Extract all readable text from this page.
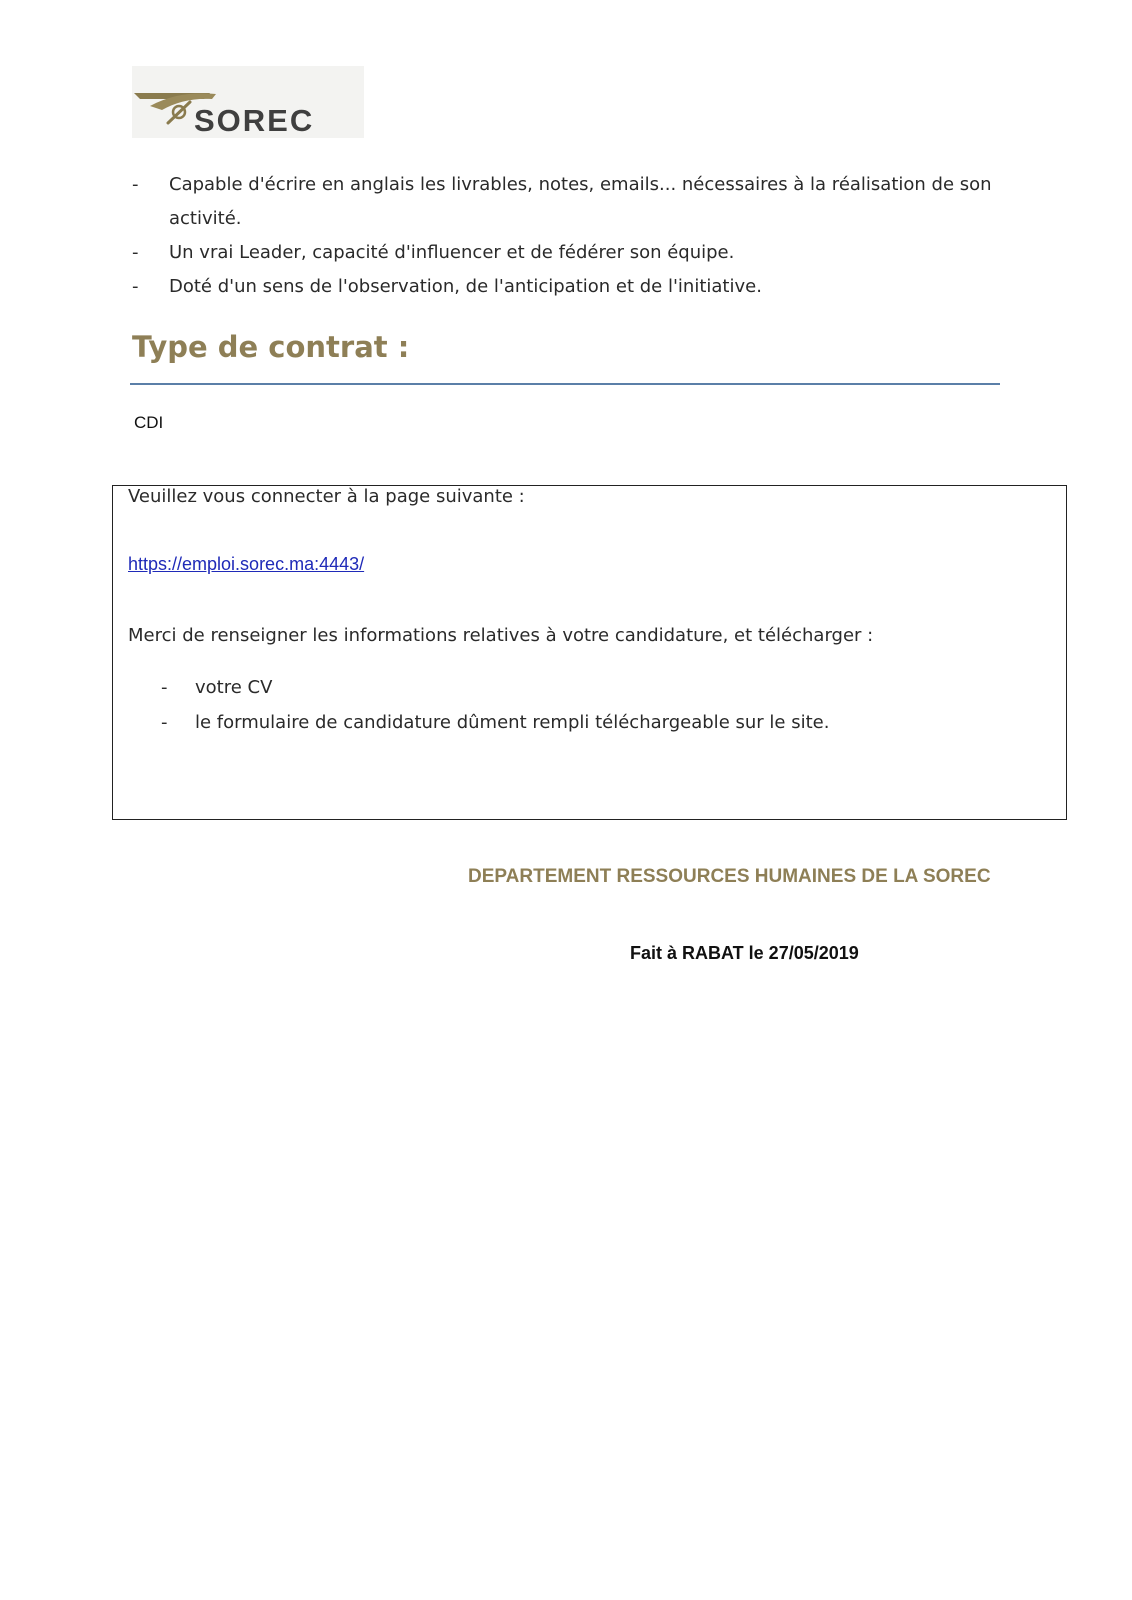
SOREC
- Capable d'écrire en anglais les livrables, notes, emails... nécessaires à la réalisation de son activité.
- Un vrai Leader, capacité d'influencer et de fédérer son équipe.
- Doté d'un sens de l'observation, de l'anticipation et de l'initiative.
Type de contrat :
CDI
Veuillez vous connecter à la page suivante :
https://emploi.sorec.ma:4443/
Merci de renseigner les informations relatives à votre candidature, et télécharger :
- votre CV
- le formulaire de candidature dûment rempli téléchargeable sur le site.
DEPARTEMENT RESSOURCES HUMAINES DE LA SOREC
Fait à RABAT le 27/05/2019
